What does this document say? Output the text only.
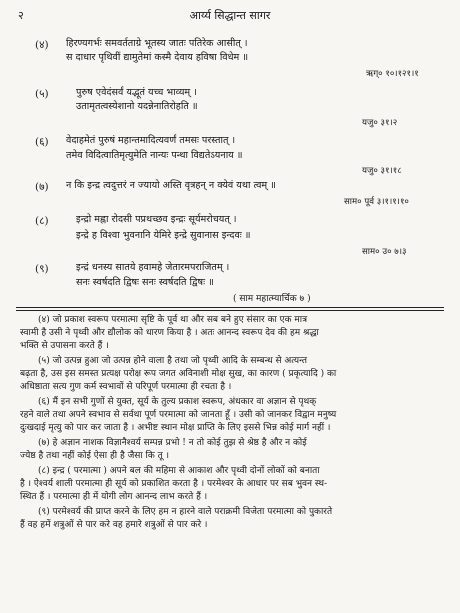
२	आर्य्य सिद्धान्त सागर
(४) हिरण्यगर्भः समवर्तताग्रे भूतस्य जातः पतिरेक आसीत् ।
स दाधार पृथिवीं द्यामुतेमां कस्मै देवाय हविषा विधेम ॥
ऋग्० १०।१२१।१
(५)	पुरुष एवेदंसर्वं यद्भूतं यच्च भाव्यम् ।
उतामृतत्वस्येशानो यदन्नेनातिरोहति ॥
यजु० ३१।२
(६) वेदाहमेतं पुरुषं महान्तमादित्यवर्णं तमसः परस्तात् ।
तमेव विदित्वातिमृत्युमेति नान्यः पन्था विद्यतेऽयनाय ॥
यजु० ३१।१८
(७) न कि इन्द्र त्वदुत्तरं न ज्यायो अस्ति वृत्रहन् न क्येवं यथा त्वम् ॥
साम० पूर्व ३।१।१।१०
(८)	इन्द्रो मह्ना रोदसी पप्रथच्छव इन्द्रः सूर्यमरोचयत् ।
इन्द्रे ह विश्वा भुवनानि येमिरे इन्द्रे सुवानास इन्दवः ॥
साम० उ० ७।३
(९)	इन्द्रं धनस्य सातये हवामहे जेतारमपराजितम् ।
सनः स्वर्षदति द्विषः सनः स्वर्षदति द्विषः ॥
( साम महात्म्यार्चिक ७ )
(४) जो प्रकाश स्वरूप परमात्मा सृष्टि के पूर्व था और सब बने हुए संसार का एक मात्र
स्वामी है उसी ने पृथ्वी और द्यौलोक को धारण किया है । अतः आनन्द स्वरूप देव की हम श्रद्धा
भक्ति से उपासना करते हैं ।
(५) जो उत्पन्न हुआ जो उत्पन्न होने वाला है तथा जो पृथ्वी आदि के सम्बन्ध से अत्यन्त
बढ़ता है, उस इस समस्त प्रत्यक्ष परोक्ष रूप जगत अविनाशी मोक्ष सुख, का कारण ( प्रकृत्यादि ) का
अधिष्ठाता सत्य गुण कर्म स्वभावों से परिपूर्ण परमात्मा ही रचता है ।
(६) मैं इन सभी गुणों से युक्त, सूर्य के तुल्य प्रकाश स्वरूप, अंधकार वा अज्ञान से पृथक्
रहने वाले तथा अपने स्वभाव से सर्वथा पूर्ण परमात्मा को जानता हूँ । उसी को जानकर विद्वान मनुष्य
दुःखदाई मृत्यु को पार कर जाता है । अभीष्ट स्थान मोक्ष प्राप्ति के लिए इससे भिन्न कोई मार्ग नहीं ।
(७) हे अज्ञान नाशक विज्ञानैश्वर्य सम्पन्न प्रभो ! न तो कोई तुझ से श्रेष्ठ है और न कोई
ज्येष्ठ है तथा नहीं कोई ऐसा ही है जैसा कि तू ।
(८) इन्द्र ( परमात्मा ) अपने बल की महिमा से आकाश और पृथ्वी दोनों लोकों को बनाता
है । ऐश्वर्य शाली परमात्मा ही सूर्य को प्रकाशित करता है । परमेश्वर के आधार पर सब भुवन स्थ-
स्थित हैं । परमात्मा ही में योगी लोग आनन्द लाभ करते हैं ।
(९) परमेश्वर्य की प्राप्त करने के लिए हम न हारने वाले पराक्रमी विजेता परमात्मा को पुकारते
हैं वह हमें शत्रुओं से पार करे वह हमारे शत्रुओं से पार करे ।
